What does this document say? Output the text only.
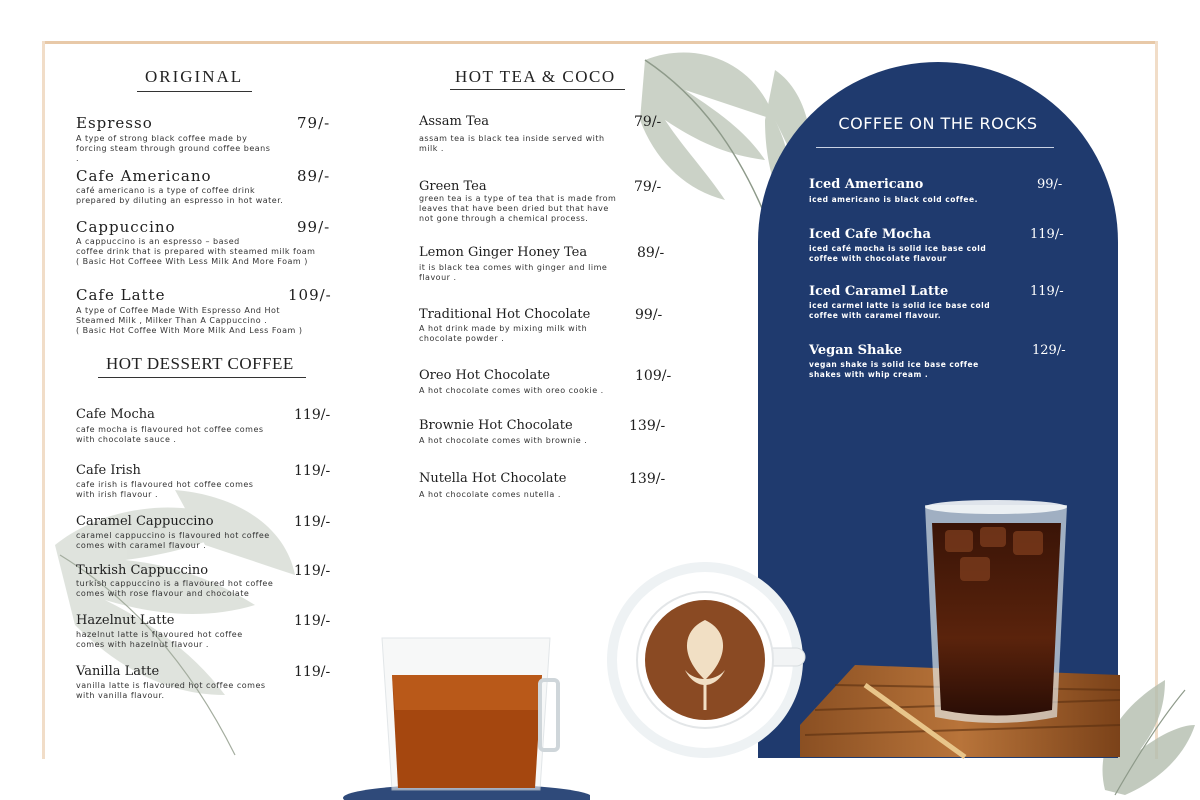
ORIGINAL
Espresso	79/-
A type of strong black coffee made by
forcing steam through ground coffee beans
.
Cafe Americano	89/-
café americano is a type of coffee drink
prepared by diluting an espresso in hot water.
Cappuccino	99/-
A cappuccino is an espresso – based
coffee drink that is prepared with steamed milk foam
( Basic Hot Coffeee With Less Milk And More Foam )
Cafe Latte	109/-
A type of Coffee Made With Espresso And Hot
Steamed Milk , Milker Than A Cappuccino .
( Basic Hot Coffee With More Milk And Less Foam )
HOT DESSERT COFFEE
Cafe Mocha	119/-
cafe mocha is flavoured hot coffee comes
with chocolate sauce .
Cafe Irish	119/-
cafe irish is flavoured hot coffee comes
with irish flavour .
Caramel Cappuccino	119/-
caramel cappuccino is flavoured hot coffee
comes with caramel flavour .
Turkish Cappuccino	119/-
turkish cappuccino is a flavoured hot coffee
comes with rose flavour and chocolate
Hazelnut Latte	119/-
hazelnut latte is flavoured hot coffee
comes with hazelnut flavour .
Vanilla Latte	119/-
vanilla latte is flavoured hot coffee comes
with vanilla flavour.
HOT TEA & COCO
Assam Tea	79/-
assam tea is black tea inside served with
milk .
Green Tea	79/-
green tea is a type of tea that is made from
leaves that have been dried but that have
not gone through a chemical process.
Lemon Ginger Honey Tea	89/-
it is black tea comes with ginger and lime
flavour .
Traditional Hot Chocolate	99/-
A hot drink made by mixing milk with
chocolate powder .
Oreo Hot Chocolate	109/-
A hot chocolate comes with oreo cookie .
Brownie Hot Chocolate	139/-
A hot chocolate comes with brownie .
Nutella Hot Chocolate	139/-
A hot chocolate comes nutella .
COFFEE ON THE ROCKS
Iced Americano	99/-
iced americano is black cold coffee.
Iced Cafe Mocha	119/-
iced café mocha is solid ice base cold
coffee with chocolate flavour
Iced Caramel Latte	119/-
iced carmel latte is solid ice base cold
coffee with caramel flavour.
Vegan Shake	129/-
vegan shake is solid ice base coffee
shakes with whip cream .
